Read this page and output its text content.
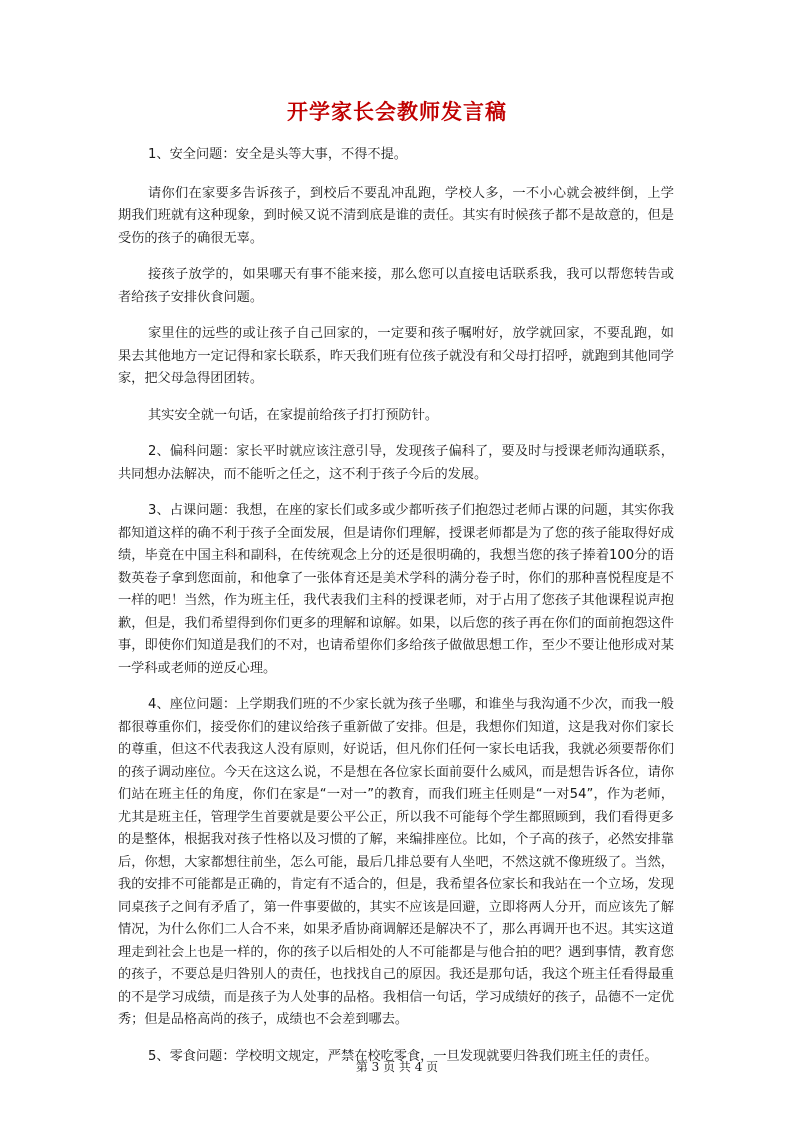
开学家长会教师发言稿

1、安全问题：安全是头等大事，不得不提。

请你们在家要多告诉孩子，到校后不要乱冲乱跑，学校人多，一不小心就会被绊倒，上学期我们班就有这种现象，到时候又说不清到底是谁的责任。其实有时候孩子都不是故意的，但是受伤的孩子的确很无辜。

接孩子放学的，如果哪天有事不能来接，那么您可以直接电话联系我，我可以帮您转告或者给孩子安排伙食问题。

家里住的远些的或让孩子自己回家的，一定要和孩子嘱咐好，放学就回家，不要乱跑，如果去其他地方一定记得和家长联系，昨天我们班有位孩子就没有和父母打招呼，就跑到其他同学家，把父母急得团团转。

其实安全就一句话，在家提前给孩子打打预防针。

2、偏科问题：家长平时就应该注意引导，发现孩子偏科了，要及时与授课老师沟通联系，共同想办法解决，而不能听之任之，这不利于孩子今后的发展。

3、占课问题：我想，在座的家长们或多或少都听孩子们抱怨过老师占课的问题，其实你我都知道这样的确不利于孩子全面发展，但是请你们理解，授课老师都是为了您的孩子能取得好成绩，毕竟在中国主科和副科，在传统观念上分的还是很明确的，我想当您的孩子捧着100分的语数英卷子拿到您面前，和他拿了一张体育还是美术学科的满分卷子时，你们的那种喜悦程度是不一样的吧！当然，作为班主任，我代表我们主科的授课老师，对于占用了您孩子其他课程说声抱歉，但是，我们希望得到你们更多的理解和谅解。如果，以后您的孩子再在你们的面前抱怨这件事，即使你们知道是我们的不对，也请希望你们多给孩子做做思想工作，至少不要让他形成对某一学科或老师的逆反心理。

4、座位问题：上学期我们班的不少家长就为孩子坐哪，和谁坐与我沟通不少次，而我一般都很尊重你们，接受你们的建议给孩子重新做了安排。但是，我想你们知道，这是我对你们家长的尊重，但这不代表我这人没有原则，好说话，但凡你们任何一家长电话我，我就必须要帮你们的孩子调动座位。今天在这这么说，不是想在各位家长面前耍什么威风，而是想告诉各位，请你们站在班主任的角度，你们在家是“一对一”的教育，而我们班主任则是“一对54”，作为老师，尤其是班主任，管理学生首要就是要公平公正，所以我不可能每个学生都照顾到，我们看得更多的是整体，根据我对孩子性格以及习惯的了解，来编排座位。比如，个子高的孩子，必然安排靠后，你想，大家都想往前坐，怎么可能，最后几排总要有人坐吧，不然这就不像班级了。当然，我的安排不可能都是正确的，肯定有不适合的，但是，我希望各位家长和我站在一个立场，发现同桌孩子之间有矛盾了，第一件事要做的，其实不应该是回避，立即将两人分开，而应该先了解情况，为什么你们二人合不来，如果矛盾协商调解还是解决不了，那么再调开也不迟。其实这道理走到社会上也是一样的，你的孩子以后相处的人不可能都是与他合拍的吧？遇到事情，教育您的孩子，不要总是归咎别人的责任，也找找自己的原因。我还是那句话，我这个班主任看得最重的不是学习成绩，而是孩子为人处事的品格。我相信一句话，学习成绩好的孩子，品德不一定优秀；但是品格高尚的孩子，成绩也不会差到哪去。

5、零食问题：学校明文规定，严禁在校吃零食，一旦发现就要归咎我们班主任的责任。

第 3 页 共 4 页
